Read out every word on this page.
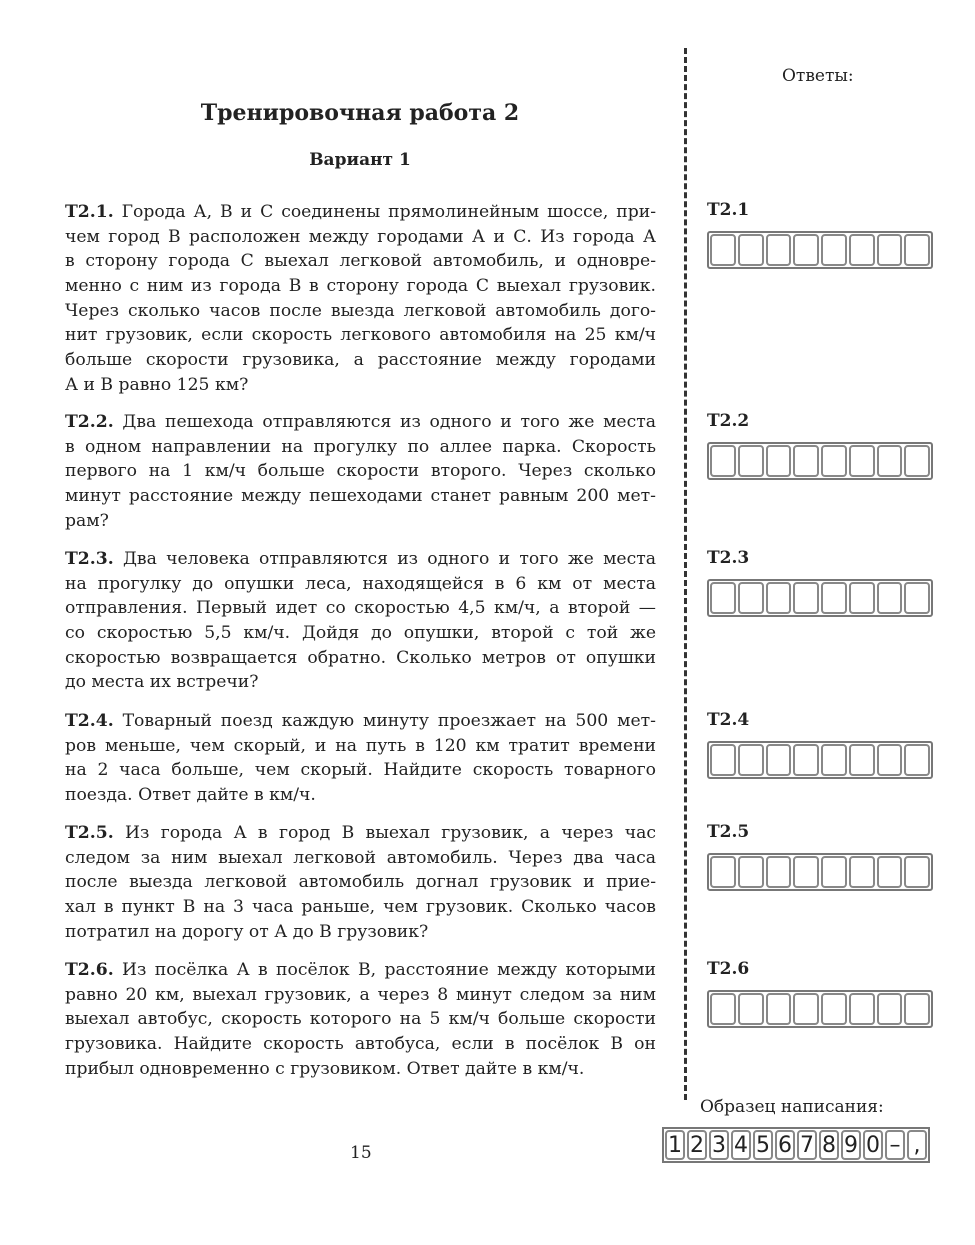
Тренировочная работа 2
Вариант 1
Т2.1. Города А, В и С соединены прямолинейным шоссе, при-
чем город В расположен между городами А и С. Из города А
в сторону города С выехал легковой автомобиль, и одновре-
менно с ним из города В в сторону города С выехал грузовик.
Через сколько часов после выезда легковой автомобиль дого-
нит грузовик, если скорость легкового автомобиля на 25 км/ч
больше скорости грузовика, а расстояние между городами
А и В равно 125 км?
Т2.2. Два пешехода отправляются из одного и того же места
в одном направлении на прогулку по аллее парка. Скорость
первого на 1 км/ч больше скорости второго. Через сколько
минут расстояние между пешеходами станет равным 200 мет-
рам?
Т2.3. Два человека отправляются из одного и того же места
на прогулку до опушки леса, находящейся в 6 км от места
отправления. Первый идет со скоростью 4,5 км/ч, а второй —
со скоростью 5,5 км/ч. Дойдя до опушки, второй с той же
скоростью возвращается обратно. Сколько метров от опушки
до места их встречи?
Т2.4. Товарный поезд каждую минуту проезжает на 500 мет-
ров меньше, чем скорый, и на путь в 120 км тратит времени
на 2 часа больше, чем скорый. Найдите скорость товарного
поезда. Ответ дайте в км/ч.
Т2.5. Из города А в город В выехал грузовик, а через час
следом за ним выехал легковой автомобиль. Через два часа
после выезда легковой автомобиль догнал грузовик и прие-
хал в пункт В на 3 часа раньше, чем грузовик. Сколько часов
потратил на дорогу от А до В грузовик?
Т2.6. Из посёлка А в посёлок В, расстояние между которыми
равно 20 км, выехал грузовик, а через 8 минут следом за ним
выехал автобус, скорость которого на 5 км/ч больше скорости
грузовика. Найдите скорость автобуса, если в посёлок В он
прибыл одновременно с грузовиком. Ответ дайте в км/ч.
Ответы:
Т2.1
Т2.2
Т2.3
Т2.4
Т2.5
Т2.6
Образец написания:
1 2 3 4 5 6 7 8 9 0 – ,
15
